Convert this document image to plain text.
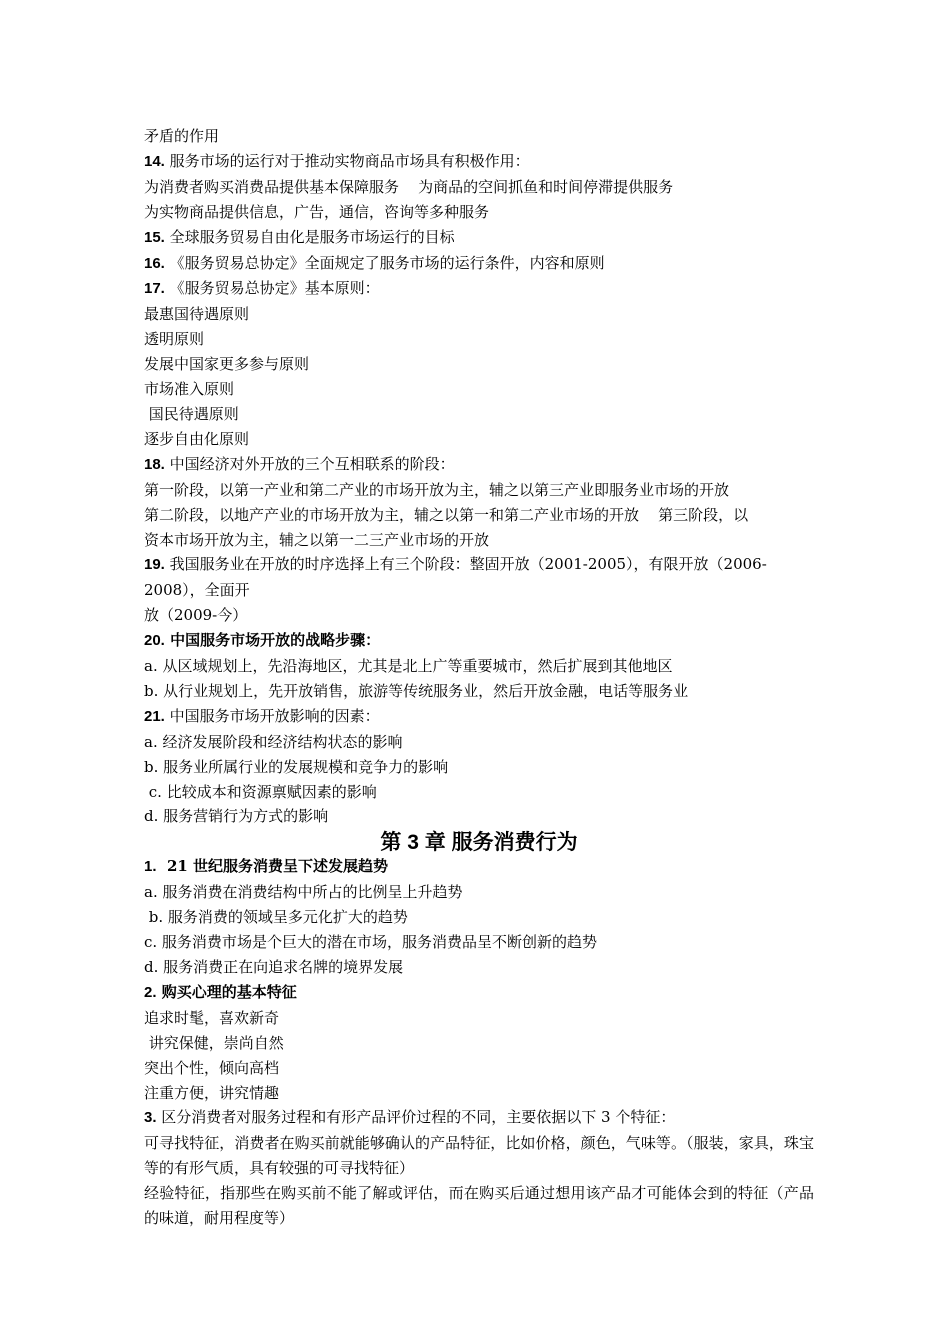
矛盾的作用
14. 服务市场的运行对于推动实物商品市场具有积极作用：
为消费者购买消费品提供基本保障服务    为商品的空间抓鱼和时间停滞提供服务
为实物商品提供信息，广告，通信，咨询等多种服务
15. 全球服务贸易自由化是服务市场运行的目标
16. 《服务贸易总协定》全面规定了服务市场的运行条件，内容和原则
17. 《服务贸易总协定》基本原则：
最惠国待遇原则
透明原则
发展中国家更多参与原则
市场准入原则
国民待遇原则
逐步自由化原则
18. 中国经济对外开放的三个互相联系的阶段：
第一阶段，以第一产业和第二产业的市场开放为主，辅之以第三产业即服务业市场的开放
第二阶段，以地产产业的市场开放为主，辅之以第一和第二产业市场的开放    第三阶段，以
资本市场开放为主，辅之以第一二三产业市场的开放
19. 我国服务业在开放的时序选择上有三个阶段：整固开放（2001-2005），有限开放（2006-
2008），全面开
放（2009-今）
20. 中国服务市场开放的战略步骤：
a. 从区域规划上，先沿海地区，尤其是北上广等重要城市，然后扩展到其他地区
b. 从行业规划上，先开放销售，旅游等传统服务业，然后开放金融，电话等服务业
21. 中国服务市场开放影响的因素：
a. 经济发展阶段和经济结构状态的影响
b. 服务业所属行业的发展规模和竞争力的影响
c. 比较成本和资源禀赋因素的影响
d. 服务营销行为方式的影响
第 3 章 服务消费行为
1.  21 世纪服务消费呈下述发展趋势
a. 服务消费在消费结构中所占的比例呈上升趋势
b. 服务消费的领域呈多元化扩大的趋势
c. 服务消费市场是个巨大的潜在市场，服务消费品呈不断创新的趋势
d. 服务消费正在向追求名牌的境界发展
2. 购买心理的基本特征
追求时髦，喜欢新奇
讲究保健，崇尚自然
突出个性，倾向高档
注重方便，讲究情趣
3. 区分消费者对服务过程和有形产品评价过程的不同，主要依据以下 3 个特征：
可寻找特征，消费者在购买前就能够确认的产品特征，比如价格，颜色，气味等。（服装，家具，珠宝等的有形气质，具有较强的可寻找特征）
经验特征，指那些在购买前不能了解或评估，而在购买后通过想用该产品才可能体会到的特征（产品的味道，耐用程度等）
